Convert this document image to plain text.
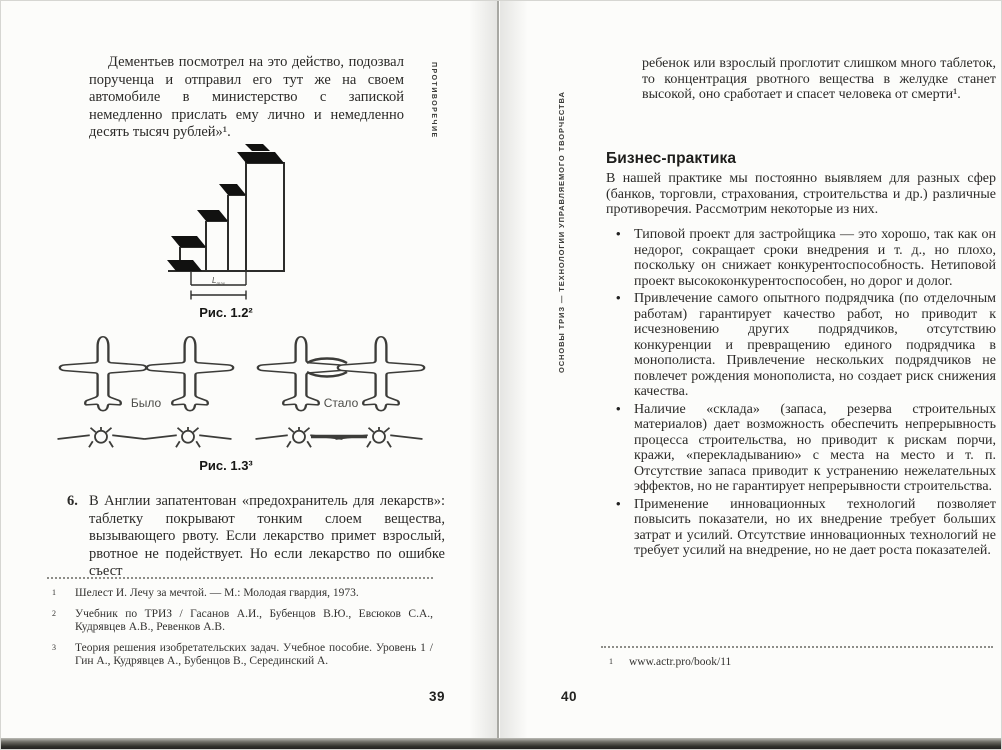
Дементьев посмотрел на это действо, подозвал порученца и отправил его тут же на своем автомобиле в министерство с запиской немедленно прислать ему лично и немедленно десять тысяч рублей»¹.	ПРОТИВОРЕЧИЕ
$L_{max}$
Рис. 1.2²
Было	Стало
Рис. 1.3³
6. В Англии запатентован «предохранитель для лекарств»: таблетку покрывают тонким слоем вещества, вызывающего рвоту. Если лекарство примет взрослый, рвотное не подействует. Но если лекарство по ошибке съест
1 Шелест И. Лечу за мечтой. — М.: Молодая гвардия, 1973.
2 Учебник по ТРИЗ / Гасанов А.И., Бубенцов В.Ю., Евсюков С.А., Кудрявцев А.В., Ревенков А.В.
3 Теория решения изобретательских задач. Учебное пособие. Уровень 1 / Гин А., Кудрявцев А., Бубенцов В., Серединский А.
39
ОСНОВЫ ТРИЗ — ТЕХНОЛОГИИ УПРАВЛЯЕМОГО ТВОРЧЕСТВА
ребенок или взрослый проглотит слишком много таблеток, то концентрация рвотного вещества в желудке станет высокой, оно сработает и спасет человека от смерти¹.
Бизнес-практика
В нашей практике мы постоянно выявляем для разных сфер (банков, торговли, страхования, строительства и др.) различные противоречия. Рассмотрим некоторые из них.
• Типовой проект для застройщика — это хорошо, так как он недорог, сокращает сроки внедрения и т. д., но плохо, поскольку он снижает конкурентоспособность. Нетиповой проект высококонкурентоспособен, но дорог и долог.
• Привлечение самого опытного подрядчика (по отделочным работам) гарантирует качество работ, но приводит к исчезновению других подрядчиков, отсутствию конкуренции и превращению единого подрядчика в монополиста. Привлечение нескольких подрядчиков не повлечет рождения монополиста, но создает риск снижения качества.
• Наличие «склада» (запаса, резерва строительных материалов) дает возможность обеспечить непрерывность процесса строительства, но приводит к рискам порчи, кражи, «перекладыванию» с места на место и т. п. Отсутствие запаса приводит к устранению нежелательных эффектов, но не гарантирует непрерывности строительства.
• Применение инновационных технологий позволяет повысить показатели, но их внедрение требует больших затрат и усилий. Отсутствие инновационных технологий не требует усилий на внедрение, но не дает роста показателей.
1 www.actr.pro/book/11
40
